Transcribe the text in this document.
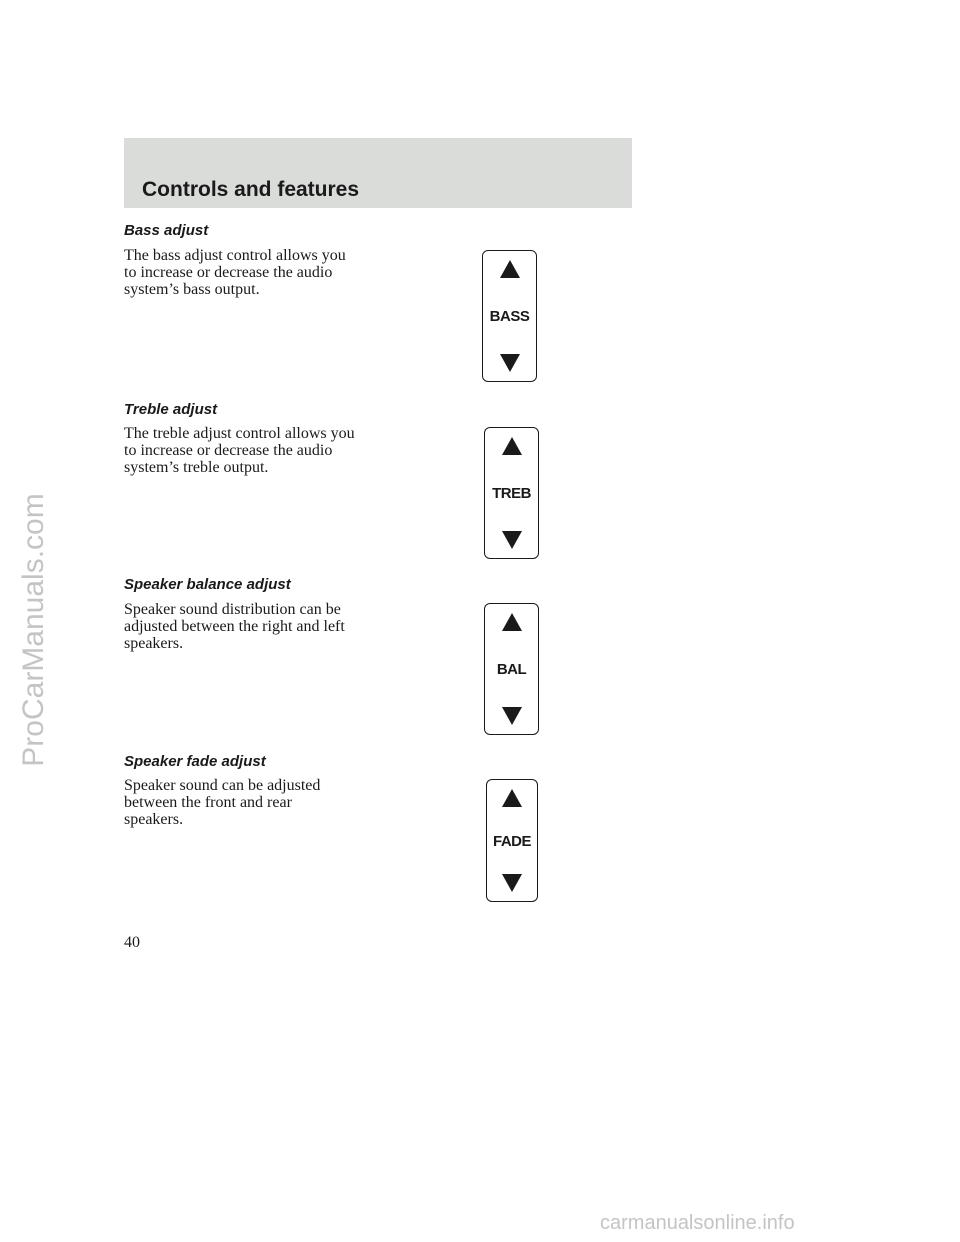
ProCarManuals.com
Controls and features
Bass adjust

The bass adjust control allows you
to increase or decrease the audio
system’s bass output.

BASS
Treble adjust

The treble adjust control allows you
to increase or decrease the audio
system’s treble output.

TREB
Speaker balance adjust

Speaker sound distribution can be
adjusted between the right and left
speakers.

BAL
Speaker fade adjust

Speaker sound can be adjusted
between the front and rear
speakers.

FADE

40

carmanualsonline.info
